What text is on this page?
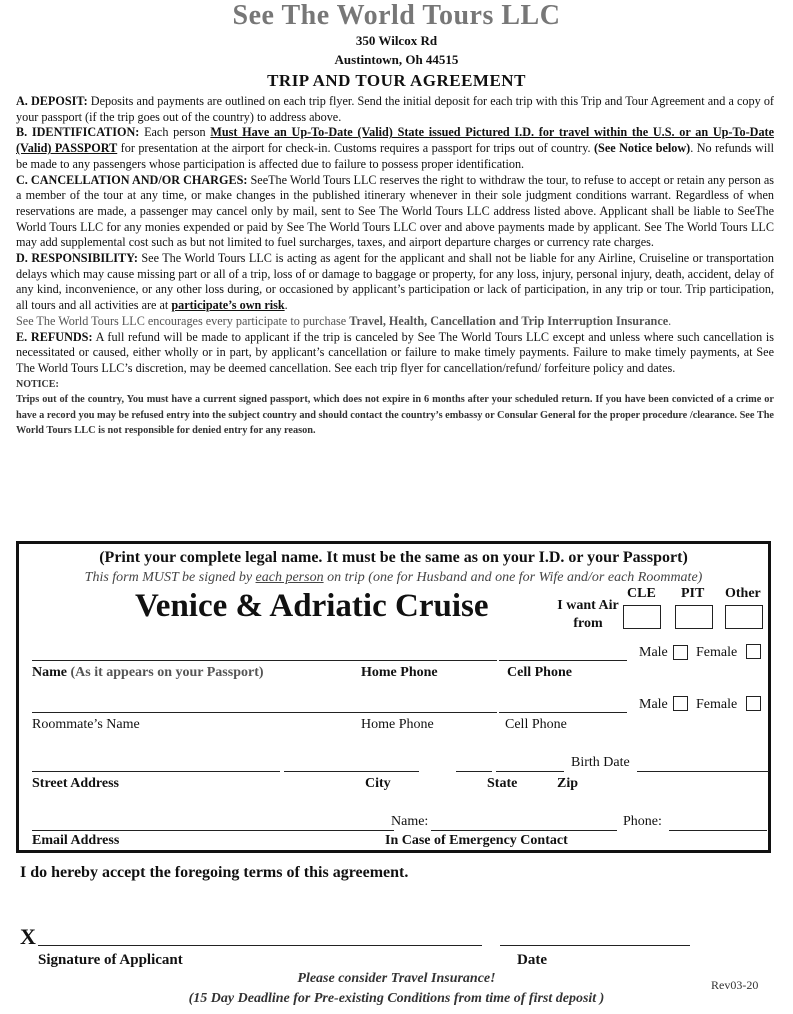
See The World Tours LLC
350 Wilcox Rd
Austintown, Oh 44515
TRIP AND TOUR AGREEMENT

A. DEPOSIT: Deposits and payments are outlined on each trip flyer. Send the initial deposit for each trip with this Trip and Tour Agreement and a copy of your passport (if the trip goes out of the country) to address above.

B. IDENTIFICATION: Each person Must Have an Up-To-Date (Valid) State issued Pictured I.D. for travel within the U.S. or an Up-To-Date (Valid) PASSPORT for presentation at the airport for check-in. Customs requires a passport for trips out of country. (See Notice below). No refunds will be made to any passengers whose participation is affected due to failure to possess proper identification.

C. CANCELLATION AND/OR CHARGES: SeeThe World Tours LLC reserves the right to withdraw the tour, to refuse to accept or retain any person as a member of the tour at any time, or make changes in the published itinerary whenever in their sole judgment conditions warrant. Regardless of when reservations are made, a passenger may cancel only by mail, sent to See The World Tours LLC address listed above. Applicant shall be liable to SeeThe World Tours LLC for any monies expended or paid by See The World Tours LLC over and above payments made by applicant. See The World Tours LLC may add supplemental cost such as but not limited to fuel surcharges, taxes, and airport departure charges or currency rate charges.

D. RESPONSIBILITY: See The World Tours LLC is acting as agent for the applicant and shall not be liable for any Airline, Cruiseline or transportation delays which may cause missing part or all of a trip, loss of or damage to baggage or property, for any loss, injury, personal injury, death, accident, delay of any kind, inconvenience, or any other loss during, or occasioned by applicant’s participation or lack of participation, in any trip or tour. Trip participation, all tours and all activities are at participate’s own risk.

See The World Tours LLC encourages every participate to purchase Travel, Health, Cancellation and Trip Interruption Insurance.

E. REFUNDS: A full refund will be made to applicant if the trip is canceled by See The World Tours LLC except and unless where such cancellation is necessitated or caused, either wholly or in part, by applicant’s cancellation or failure to make timely payments. Failure to make timely payments, at See The World Tours LLC’s discretion, may be deemed cancellation. See each trip flyer for cancellation/refund/ forfeiture policy and dates.

NOTICE:

Trips out of the country, You must have a current signed passport, which does not expire in 6 months after your scheduled return. If you have been convicted of a crime or have a record you may be refused entry into the subject country and should contact the country’s embassy or Consular General for the proper procedure /clearance. See The World Tours LLC is not responsible for denied entry for any reason.

(Print your complete legal name. It must be the same as on your I.D. or your Passport)
This form MUST be signed by each person on trip (one for Husband and one for Wife and/or each Roommate)
Venice & Adriatic Cruise	I want Air from
CLE PIT Other
Male Female
Name (As it appears on your Passport)	Home Phone	Cell Phone
Male Female
Roommate’s Name	Home Phone	Cell Phone
Birth Date
Street Address	City	State	Zip
Name:	Phone:
Email Address	In Case of Emergency Contact
I do hereby accept the foregoing terms of this agreement.
X
Signature of Applicant	Date
Please consider Travel Insurance!
(15 Day Deadline for Pre-existing Conditions from time of first deposit )
Rev03-20
